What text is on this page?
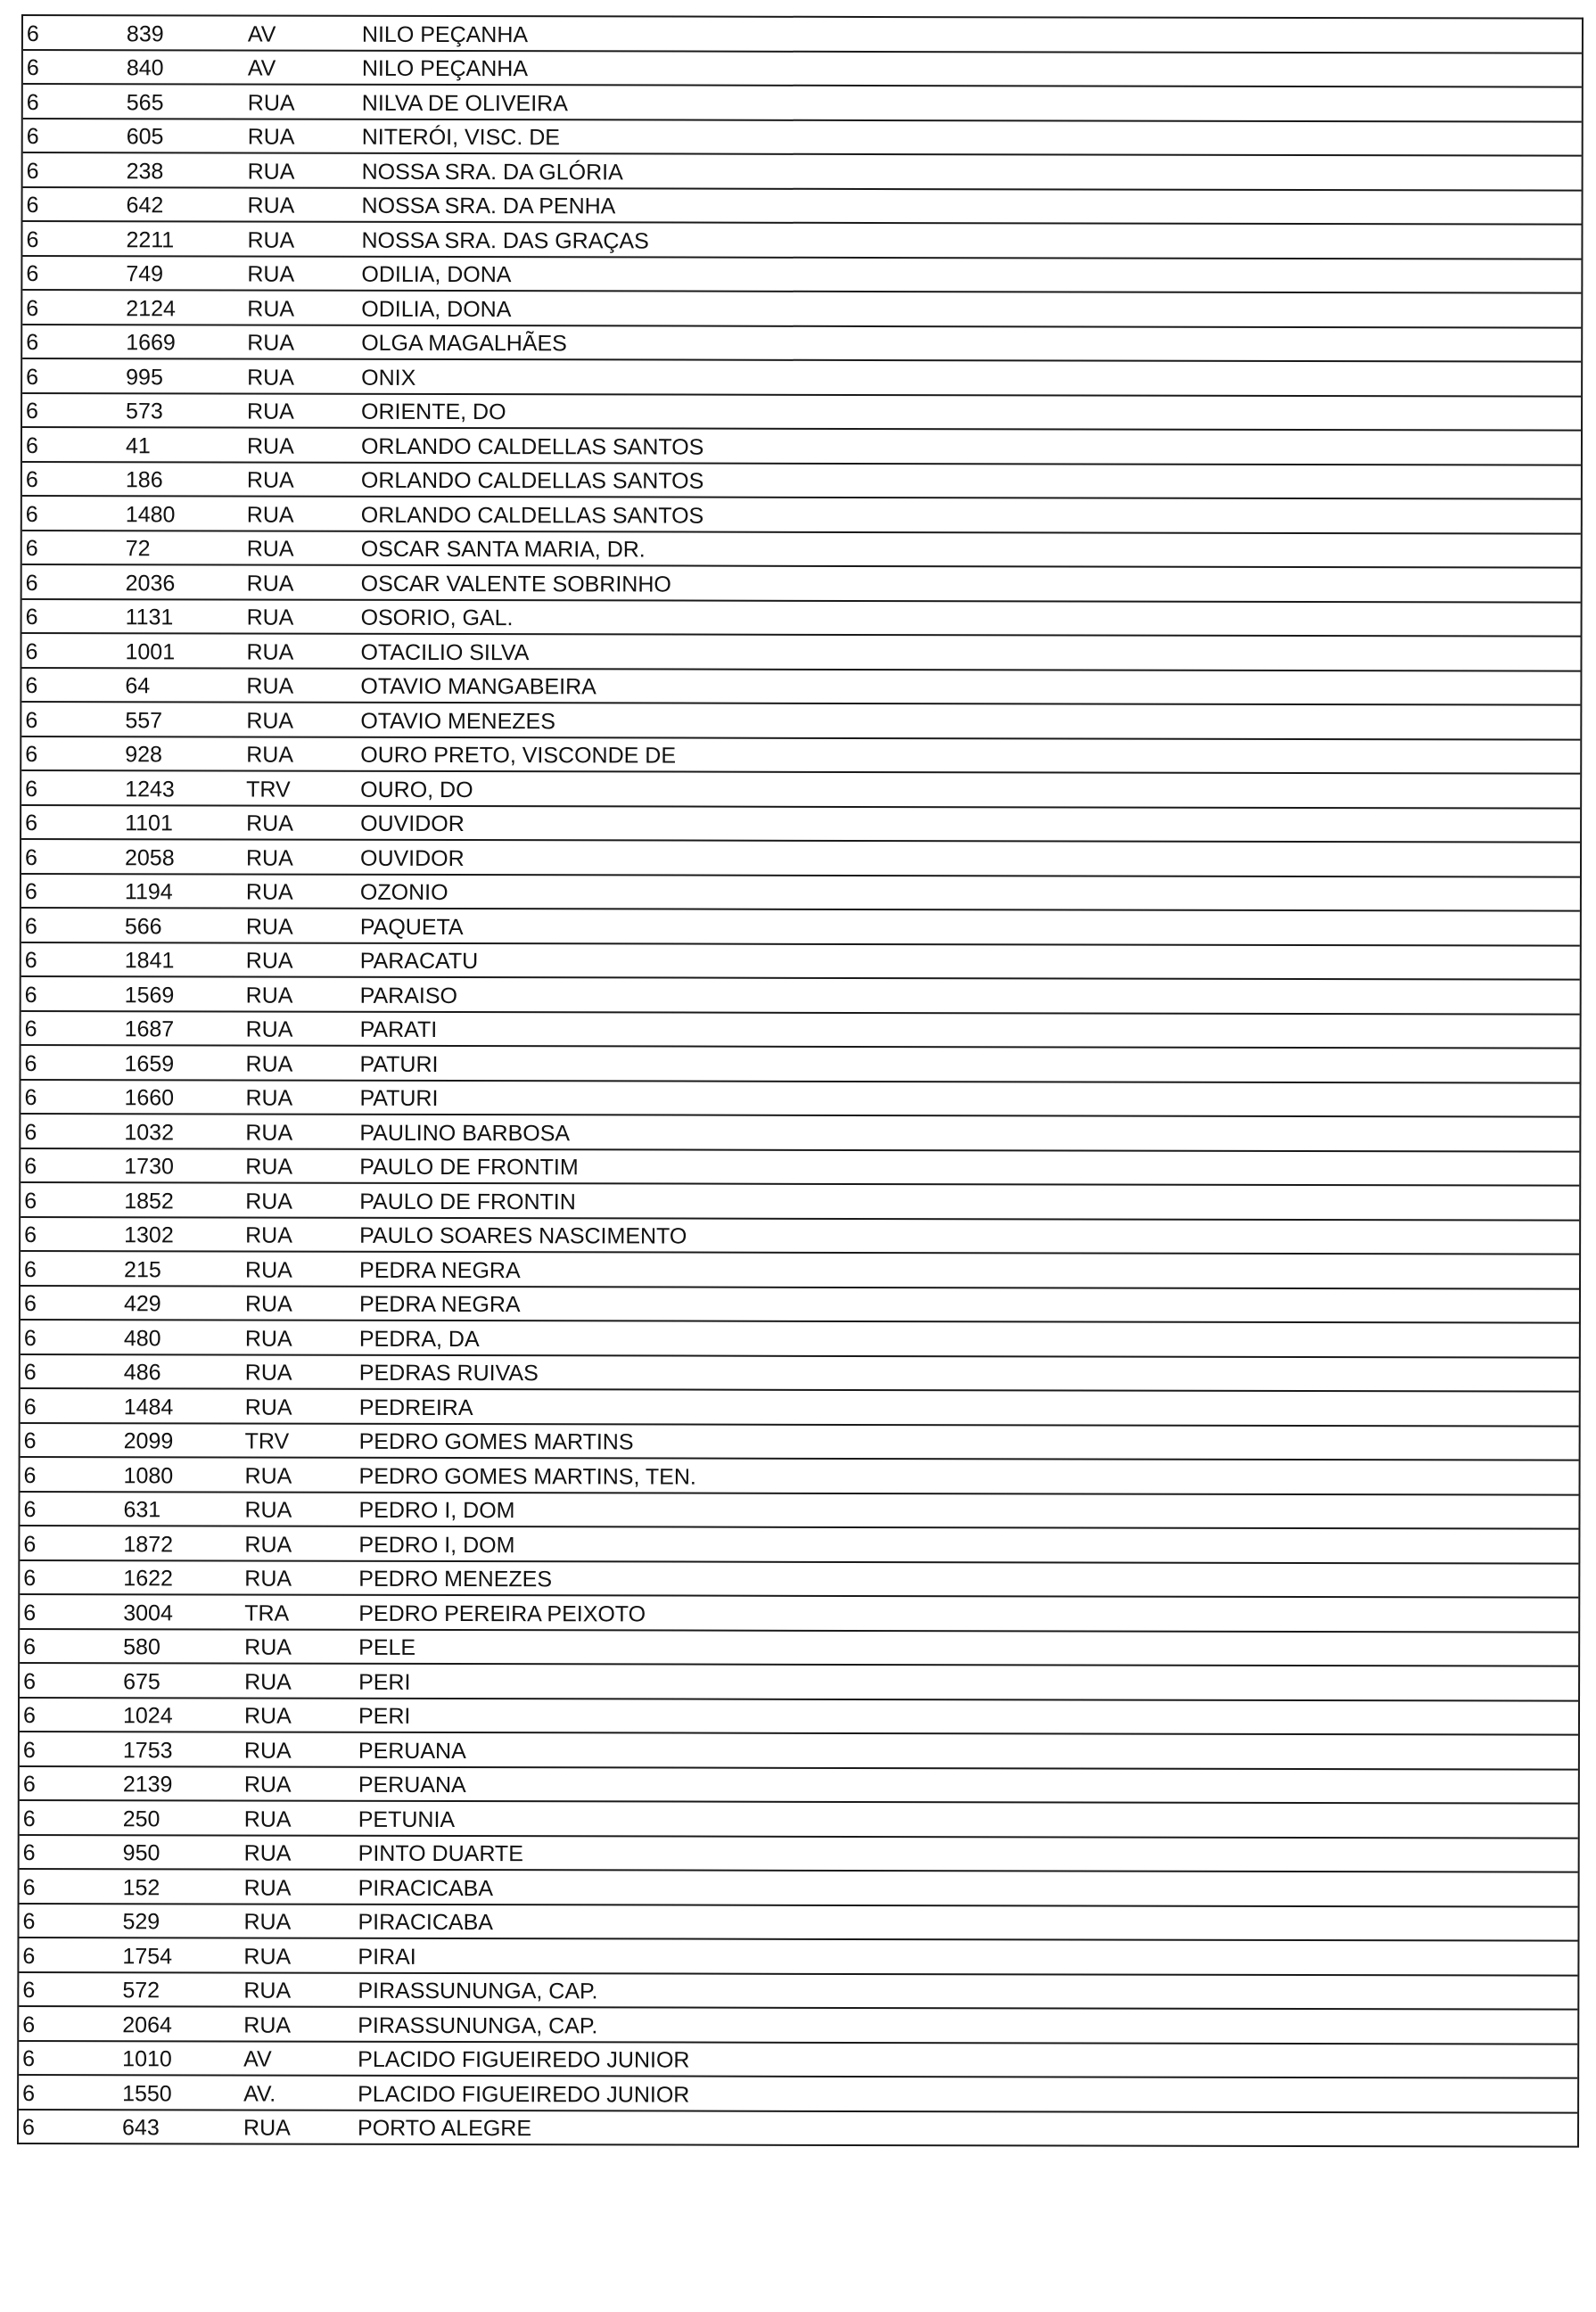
6	839	AV	NILO PEÇANHA
6	840	AV	NILO PEÇANHA
6	565	RUA	NILVA DE OLIVEIRA
6	605	RUA	NITERÓI, VISC. DE
6	238	RUA	NOSSA SRA. DA GLÓRIA
6	642	RUA	NOSSA SRA. DA PENHA
6	2211	RUA	NOSSA SRA. DAS GRAÇAS
6	749	RUA	ODILIA, DONA
6	2124	RUA	ODILIA, DONA
6	1669	RUA	OLGA MAGALHÃES
6	995	RUA	ONIX
6	573	RUA	ORIENTE, DO
6	41	RUA	ORLANDO CALDELLAS SANTOS
6	186	RUA	ORLANDO CALDELLAS SANTOS
6	1480	RUA	ORLANDO CALDELLAS SANTOS
6	72	RUA	OSCAR SANTA MARIA, DR.
6	2036	RUA	OSCAR VALENTE SOBRINHO
6	1131	RUA	OSORIO, GAL.
6	1001	RUA	OTACILIO SILVA
6	64	RUA	OTAVIO MANGABEIRA
6	557	RUA	OTAVIO MENEZES
6	928	RUA	OURO PRETO, VISCONDE DE
6	1243	TRV	OURO, DO
6	1101	RUA	OUVIDOR
6	2058	RUA	OUVIDOR
6	1194	RUA	OZONIO
6	566	RUA	PAQUETA
6	1841	RUA	PARACATU
6	1569	RUA	PARAISO
6	1687	RUA	PARATI
6	1659	RUA	PATURI
6	1660	RUA	PATURI
6	1032	RUA	PAULINO BARBOSA
6	1730	RUA	PAULO DE FRONTIM
6	1852	RUA	PAULO DE FRONTIN
6	1302	RUA	PAULO SOARES NASCIMENTO
6	215	RUA	PEDRA NEGRA
6	429	RUA	PEDRA NEGRA
6	480	RUA	PEDRA, DA
6	486	RUA	PEDRAS RUIVAS
6	1484	RUA	PEDREIRA
6	2099	TRV	PEDRO GOMES MARTINS
6	1080	RUA	PEDRO GOMES MARTINS, TEN.
6	631	RUA	PEDRO I, DOM
6	1872	RUA	PEDRO I, DOM
6	1622	RUA	PEDRO MENEZES
6	3004	TRA	PEDRO PEREIRA PEIXOTO
6	580	RUA	PELE
6	675	RUA	PERI
6	1024	RUA	PERI
6	1753	RUA	PERUANA
6	2139	RUA	PERUANA
6	250	RUA	PETUNIA
6	950	RUA	PINTO DUARTE
6	152	RUA	PIRACICABA
6	529	RUA	PIRACICABA
6	1754	RUA	PIRAI
6	572	RUA	PIRASSUNUNGA, CAP.
6	2064	RUA	PIRASSUNUNGA, CAP.
6	1010	AV	PLACIDO FIGUEIREDO JUNIOR
6	1550	AV.	PLACIDO FIGUEIREDO JUNIOR
6	643	RUA	PORTO ALEGRE
